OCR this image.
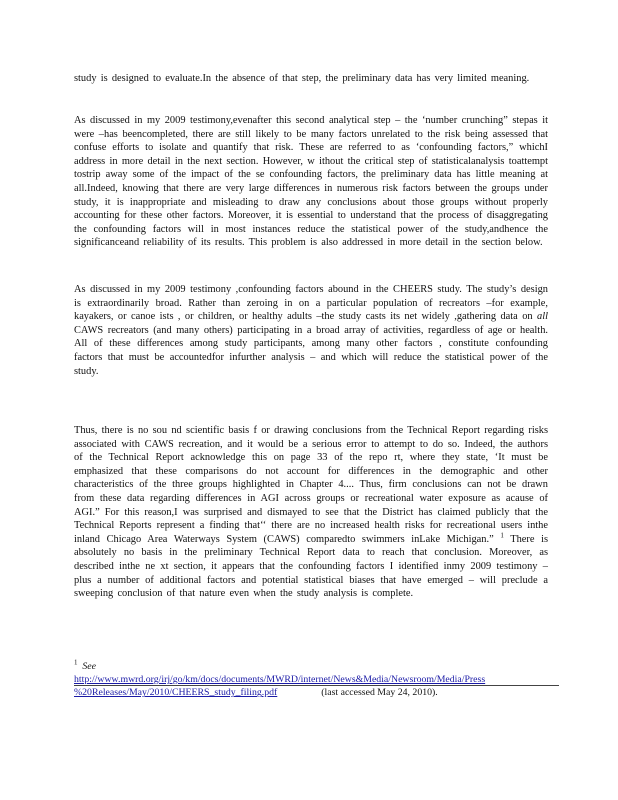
study is designed to evaluate.In the absence of that step, the preliminary data has very limited meaning.

As discussed in my 2009 testimony,evenafter this second analytical step – the ‘number crunching” stepas it were –has beencompleted, there are still likely to be many factors unrelated to the risk being assessed that confuse efforts to isolate and quantify that risk. These are referred to as ‘confounding factors,” whichI address in more detail in the next section. However, w ithout the critical step of statisticalanalysis toattempt tostrip away some of the impact of the se confounding factors, the preliminary data has little meaning at all.Indeed, knowing that there are very large differences in numerous risk factors between the groups under study, it is inappropriate and misleading to draw any conclusions about those groups without properly accounting for these other factors. Moreover, it is essential to understand that the process of disaggregating the confounding factors will in most instances reduce the statistical power of the study,andhence the significanceand reliability of its results. This problem is also addressed in more detail in the section below.

As discussed in my 2009 testimony ,confounding factors abound in the CHEERS study. The study’s design is extraordinarily broad. Rather than zeroing in on a particular population of recreators –for example, kayakers, or canoe ists , or children, or healthy adults –the study casts its net widely ,gathering data on all CAWS recreators (and many others) participating in a broad array of activities, regardless of age or health. All of these differences among study participants, among many other factors , constitute confounding factors that must be accountedfor infurther analysis – and which will reduce the statistical power of the study.

Thus, there is no sou nd scientific basis f or drawing conclusions from the Technical Report regarding risks associated with CAWS recreation, and it would be a serious error to attempt to do so. Indeed, the authors of the Technical Report acknowledge this on page 33 of the repo rt, where they state, ‘It must be emphasized that these comparisons do not account for differences in the demographic and other characteristics of the three groups highlighted in Chapter 4.... Thus, firm conclusions can not be drawn from these data regarding differences in AGI across groups or recreational water exposure as acause of AGI.” For this reason,I was surprised and dismayed to see that the District has claimed publicly that the Technical Reports represent a finding that‘‘ there are no increased health risks for recreational users inthe inland Chicago Area Waterways System (CAWS) comparedto swimmers inLake Michigan.” $^1$ There is absolutely no basis in the preliminary Technical Report data to reach that conclusion. Moreover, as described inthe ne xt section, it appears that the confounding factors I identified inmy 2009 testimony – plus a number of additional factors and potential statistical biases that have emerged – will preclude a sweeping conclusion of that nature even when the study analysis is complete.

$^1$ See
http://www.mwrd.org/irj/go/km/docs/documents/MWRD/internet/News&Media/Newsroom/Media/Press
%20Releases/May/2010/CHEERS_study_filing.pdf	(last accessed May 24, 2010).
